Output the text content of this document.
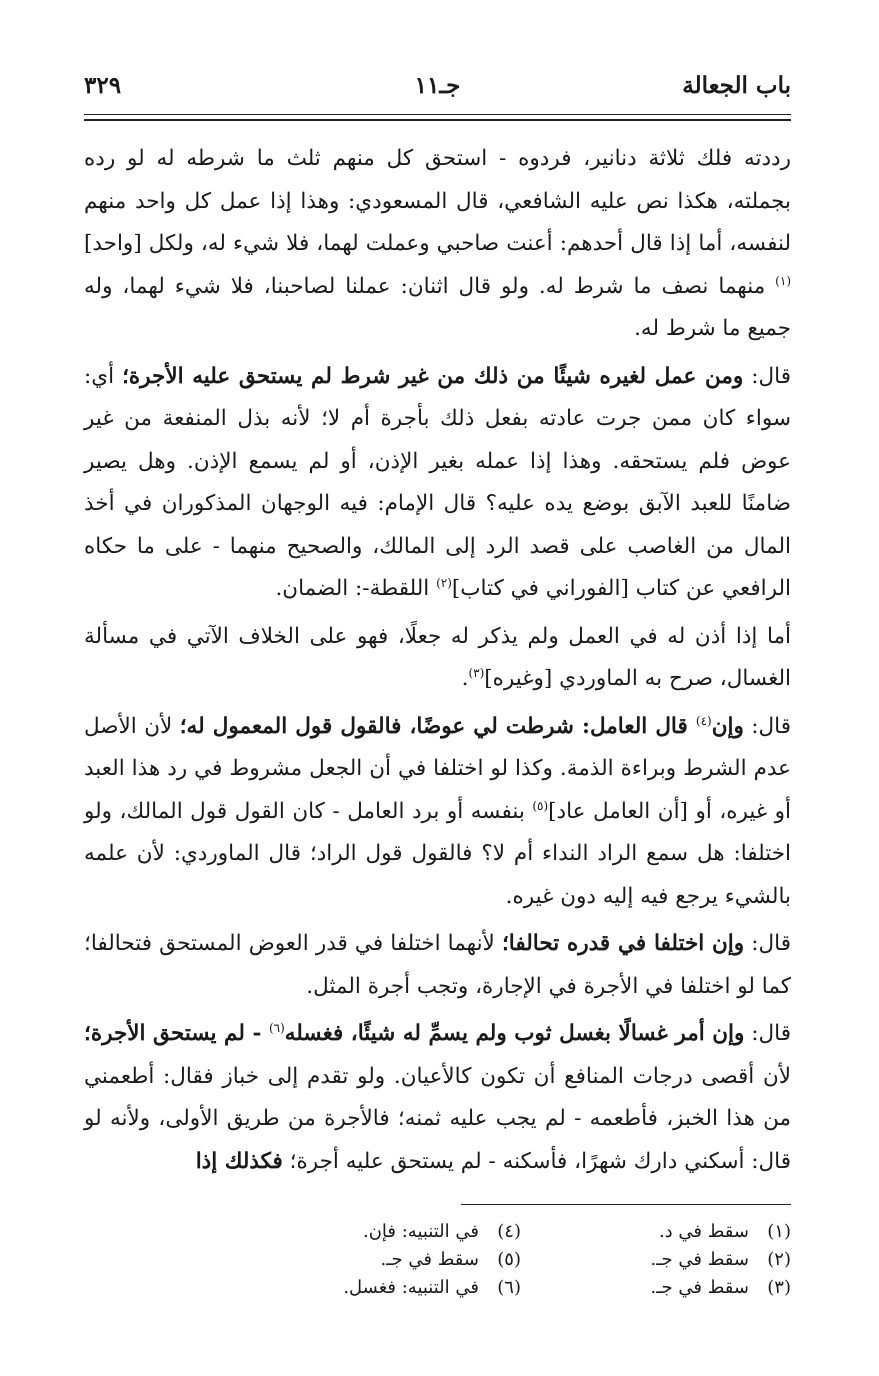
باب الجعالة
جـ١١
٣٢٩

رددته فلك ثلاثة دنانير، فردوه - استحق كل منهم ثلث ما شرطه له لو رده بجملته، هكذا نص عليه الشافعي، قال المسعودي: وهذا إذا عمل كل واحد منهم لنفسه، أما إذا قال أحدهم: أعنت صاحبي وعملت لهما، فلا شيء له، ولكل [واحد]$^{(١)}$ منهما نصف ما شرط له. ولو قال اثنان: عملنا لصاحبنا، فلا شيء لهما، وله جميع ما شرط له.

قال: ومن عمل لغيره شيئًا من ذلك من غير شرط لم يستحق عليه الأجرة؛ أي: سواء كان ممن جرت عادته بفعل ذلك بأجرة أم لا؛ لأنه بذل المنفعة من غير عوض فلم يستحقه. وهذا إذا عمله بغير الإذن، أو لم يسمع الإذن. وهل يصير ضامنًا للعبد الآبق بوضع يده عليه؟ قال الإمام: فيه الوجهان المذكوران في أخذ المال من الغاصب على قصد الرد إلى المالك، والصحيح منهما - على ما حكاه الرافعي عن كتاب [الفوراني في كتاب]$^{(٢)}$ اللقطة-: الضمان.

أما إذا أذن له في العمل ولم يذكر له جعلًا، فهو على الخلاف الآتي في مسألة الغسال، صرح به الماوردي [وغيره]$^{(٣)}$.

قال: وإن$^{(٤)}$ قال العامل: شرطت لي عوضًا، فالقول قول المعمول له؛ لأن الأصل عدم الشرط وبراءة الذمة. وكذا لو اختلفا في أن الجعل مشروط في رد هذا العبد أو غيره، أو [أن العامل عاد]$^{(٥)}$ بنفسه أو برد العامل - كان القول قول المالك، ولو اختلفا: هل سمع الراد النداء أم لا؟ فالقول قول الراد؛ قال الماوردي: لأن علمه بالشيء يرجع فيه إليه دون غيره.

قال: وإن اختلفا في قدره تحالفا؛ لأنهما اختلفا في قدر العوض المستحق فتحالفا؛ كما لو اختلفا في الأجرة في الإجارة، وتجب أجرة المثل.

قال: وإن أمر غسالًا بغسل ثوب ولم يسمِّ له شيئًا، فغسله$^{(٦)}$ - لم يستحق الأجرة؛ لأن أقصى درجات المنافع أن تكون كالأعيان. ولو تقدم إلى خباز فقال: أطعمني من هذا الخبز، فأطعمه - لم يجب عليه ثمنه؛ فالأجرة من طريق الأولى، ولأنه لو قال: أسكني دارك شهرًا، فأسكنه - لم يستحق عليه أجرة؛ فكذلك إذا

(١)سقط في د.
(٢)سقط في جـ.
(٣)سقط في جـ.
(٤)في التنبيه: فإن.
(٥)سقط في جـ.
(٦)في التنبيه: فغسل.
